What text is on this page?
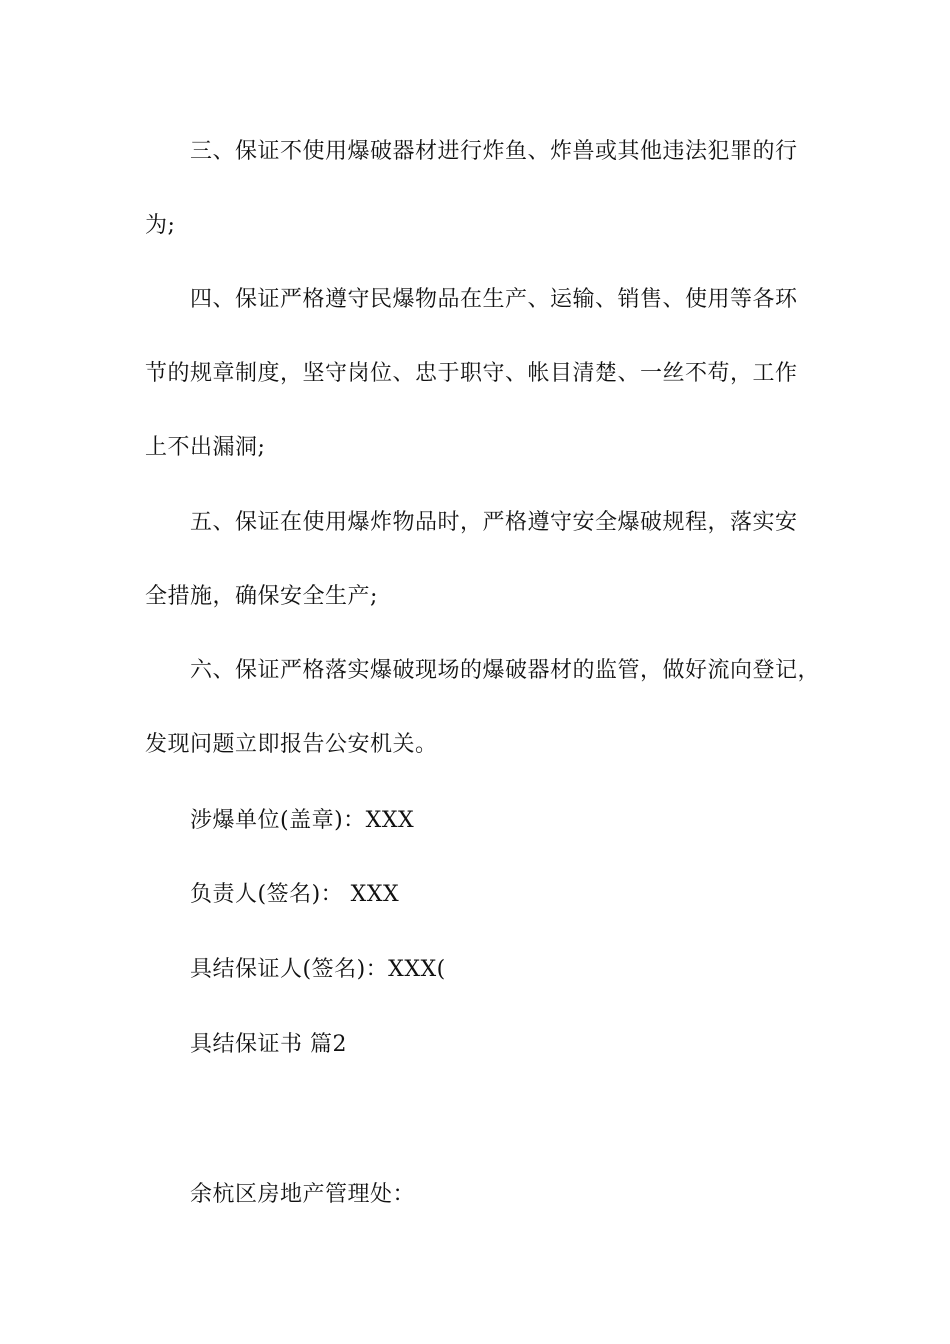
三、保证不使用爆破器材进行炸鱼、炸兽或其他违法犯罪的行
为;
四、保证严格遵守民爆物品在生产、运输、销售、使用等各环
节的规章制度，坚守岗位、忠于职守、帐目清楚、一丝不苟，工作
上不出漏洞;
五、保证在使用爆炸物品时，严格遵守安全爆破规程，落实安
全措施，确保安全生产;
六、保证严格落实爆破现场的爆破器材的监管，做好流向登记，
发现问题立即报告公安机关。
涉爆单位(盖章)：XXX
负责人(签名)： XXX
具结保证人(签名)：XXX(
具结保证书 篇2
余杭区房地产管理处：
